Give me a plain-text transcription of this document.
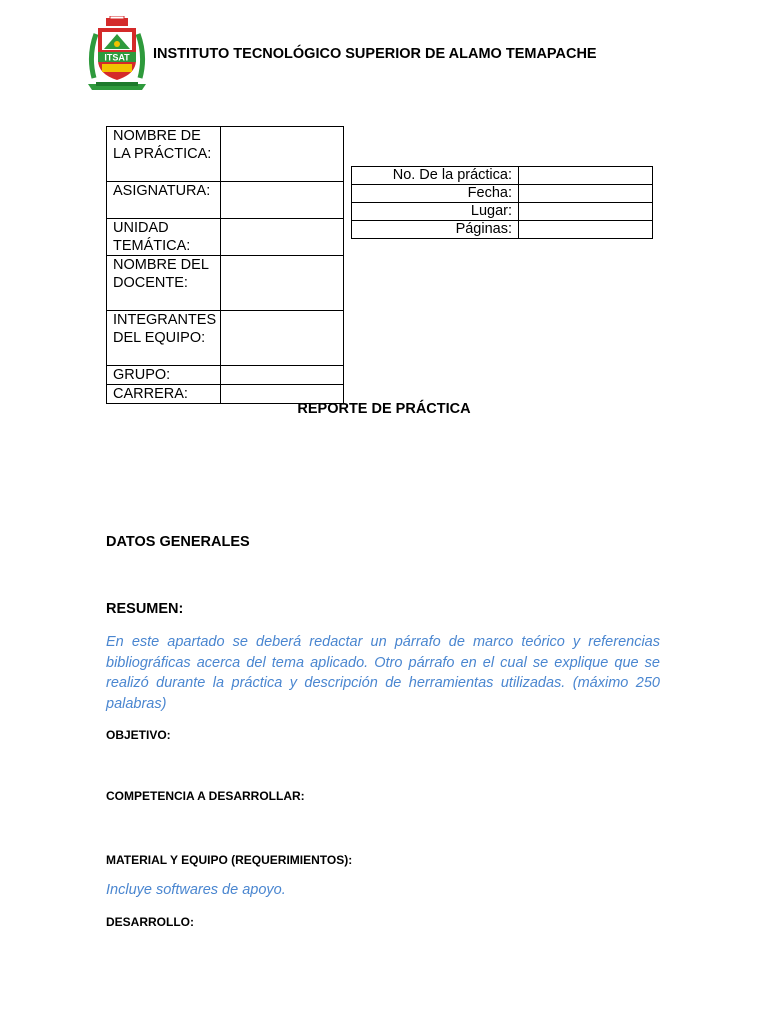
ITSAT INSTITUTO TECNOLÓGICO SUPERIOR DE ALAMO TEMAPACHE
NOMBRE DE LA PRÁCTICA:	
ASIGNATURA:	
UNIDAD TEMÁTICA:	
NOMBRE DEL DOCENTE:	
INTEGRANTES DEL EQUIPO:	
GRUPO:	
CARRERA:	
No. De la práctica:	
Fecha:	
Lugar:	
Páginas:	
REPORTE DE PRÁCTICA
DATOS GENERALES
RESUMEN:
En este apartado se deberá redactar un párrafo de marco teórico y referencias bibliográficas acerca del tema aplicado. Otro párrafo en el cual se explique que se realizó durante la práctica y descripción de herramientas utilizadas. (máximo 250 palabras)
OBJETIVO:
COMPETENCIA A DESARROLLAR:
MATERIAL Y EQUIPO (REQUERIMIENTOS):
Incluye softwares de apoyo.
DESARROLLO:
